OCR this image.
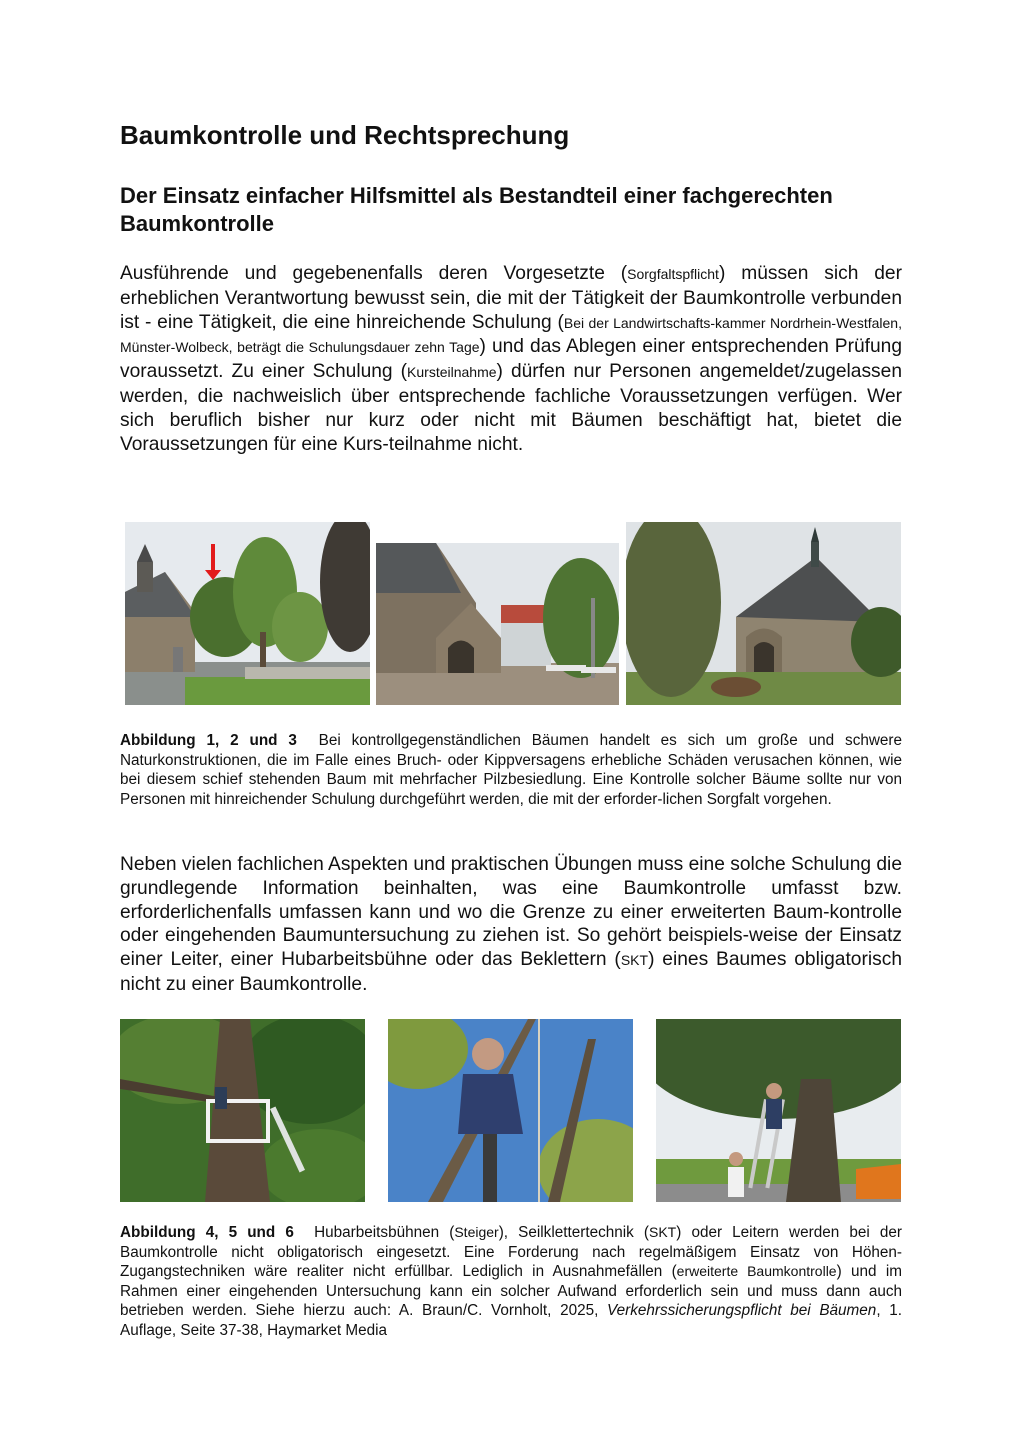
Baumkontrolle und Rechtsprechung
Der Einsatz einfacher Hilfsmittel als Bestandteil einer fachgerechten Baumkontrolle

Ausführende und gegebenenfalls deren Vorgesetzte (Sorgfaltspflicht) müssen sich der erheblichen Verantwortung bewusst sein, die mit der Tätigkeit der Baumkontrolle verbunden ist - eine Tätigkeit, die eine hinreichende Schulung (Bei der Landwirtschafts-kammer Nordrhein-Westfalen, Münster-Wolbeck, beträgt die Schulungsdauer zehn Tage) und das Ablegen einer entsprechenden Prüfung voraussetzt. Zu einer Schulung (Kursteilnahme) dürfen nur Personen angemeldet/zugelassen werden, die nachweislich über entsprechende fachliche Voraussetzungen verfügen. Wer sich beruflich bisher nur kurz oder nicht mit Bäumen beschäftigt hat, bietet die Voraussetzungen für eine Kurs-teilnahme nicht.

Abbildung 1, 2 und 3 Bei kontrollgegenständlichen Bäumen handelt es sich um große und schwere Naturkonstruktionen, die im Falle eines Bruch- oder Kippversagens erhebliche Schäden verusachen können, wie bei diesem schief stehenden Baum mit mehrfacher Pilzbesiedlung. Eine Kontrolle solcher Bäume sollte nur von Personen mit hinreichender Schulung durchgeführt werden, die mit der erforder-lichen Sorgfalt vorgehen.

Neben vielen fachlichen Aspekten und praktischen Übungen muss eine solche Schulung die grundlegende Information beinhalten, was eine Baumkontrolle umfasst bzw. erforderlichenfalls umfassen kann und wo die Grenze zu einer erweiterten Baum-kontrolle oder eingehenden Baumuntersuchung zu ziehen ist. So gehört beispiels-weise der Einsatz einer Leiter, einer Hubarbeitsbühne oder das Beklettern (SKT) eines Baumes obligatorisch nicht zu einer Baumkontrolle.

Abbildung 4, 5 und 6 Hubarbeitsbühnen (Steiger), Seilklettertechnik (SKT) oder Leitern werden bei der Baumkontrolle nicht obligatorisch eingesetzt. Eine Forderung nach regelmäßigem Einsatz von Höhen-Zugangstechniken wäre realiter nicht erfüllbar. Lediglich in Ausnahmefällen (erweiterte Baumkontrolle) und im Rahmen einer eingehenden Untersuchung kann ein solcher Aufwand erforderlich sein und muss dann auch betrieben werden. Siehe hierzu auch: A. Braun/C. Vornholt, 2025, Verkehrssicherungspflicht bei Bäumen, 1. Auflage, Seite 37-38, Haymarket Media
